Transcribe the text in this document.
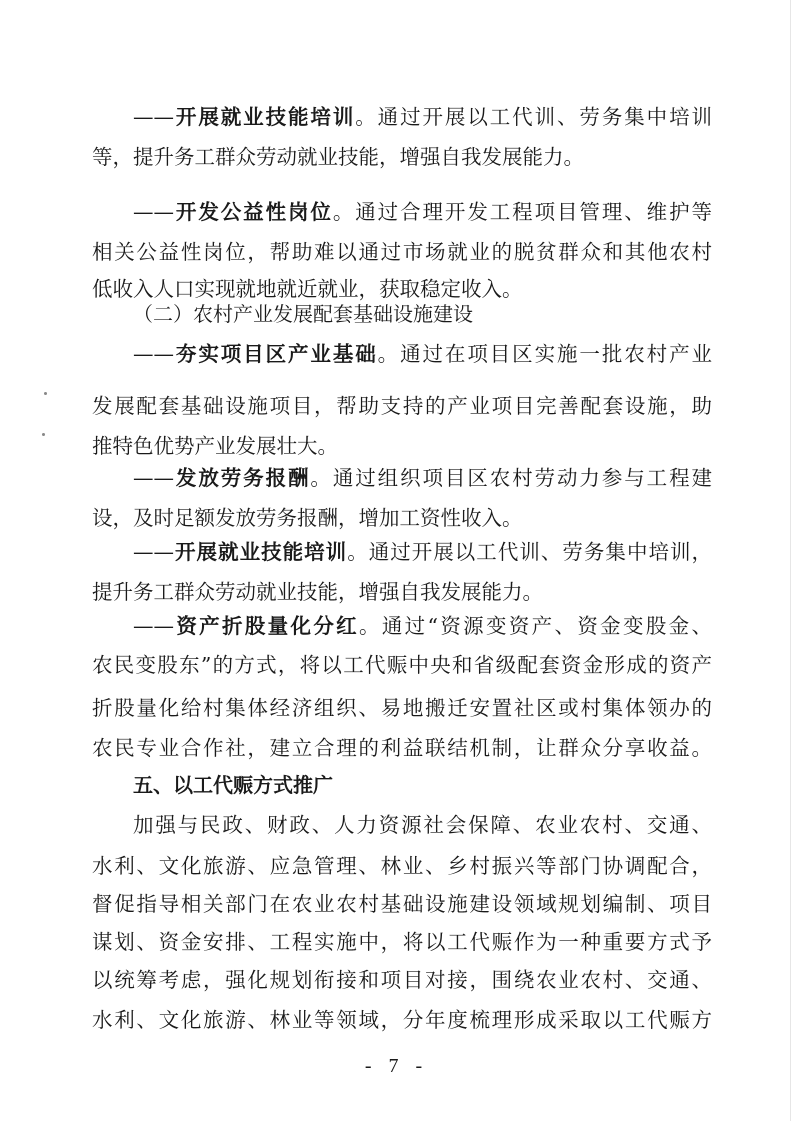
——开展就业技能培训。通过开展以工代训、劳务集中培训
等，提升务工群众劳动就业技能，增强自我发展能力。
——开发公益性岗位。通过合理开发工程项目管理、维护等
相关公益性岗位，帮助难以通过市场就业的脱贫群众和其他农村
低收入人口实现就地就近就业，获取稳定收入。
（二）农村产业发展配套基础设施建设
——夯实项目区产业基础。通过在项目区实施一批农村产业
发展配套基础设施项目，帮助支持的产业项目完善配套设施，助
推特色优势产业发展壮大。
——发放劳务报酬。通过组织项目区农村劳动力参与工程建
设，及时足额发放劳务报酬，增加工资性收入。
——开展就业技能培训。通过开展以工代训、劳务集中培训，
提升务工群众劳动就业技能，增强自我发展能力。
——资产折股量化分红。通过“资源变资产、资金变股金、
农民变股东”的方式，将以工代赈中央和省级配套资金形成的资产
折股量化给村集体经济组织、易地搬迁安置社区或村集体领办的
农民专业合作社，建立合理的利益联结机制，让群众分享收益。
五、以工代赈方式推广
加强与民政、财政、人力资源社会保障、农业农村、交通、
水利、文化旅游、应急管理、林业、乡村振兴等部门协调配合，
督促指导相关部门在农业农村基础设施建设领域规划编制、项目
谋划、资金安排、工程实施中，将以工代赈作为一种重要方式予
以统筹考虑，强化规划衔接和项目对接，围绕农业农村、交通、
水利、文化旅游、林业等领域，分年度梳理形成采取以工代赈方
- 7 -
